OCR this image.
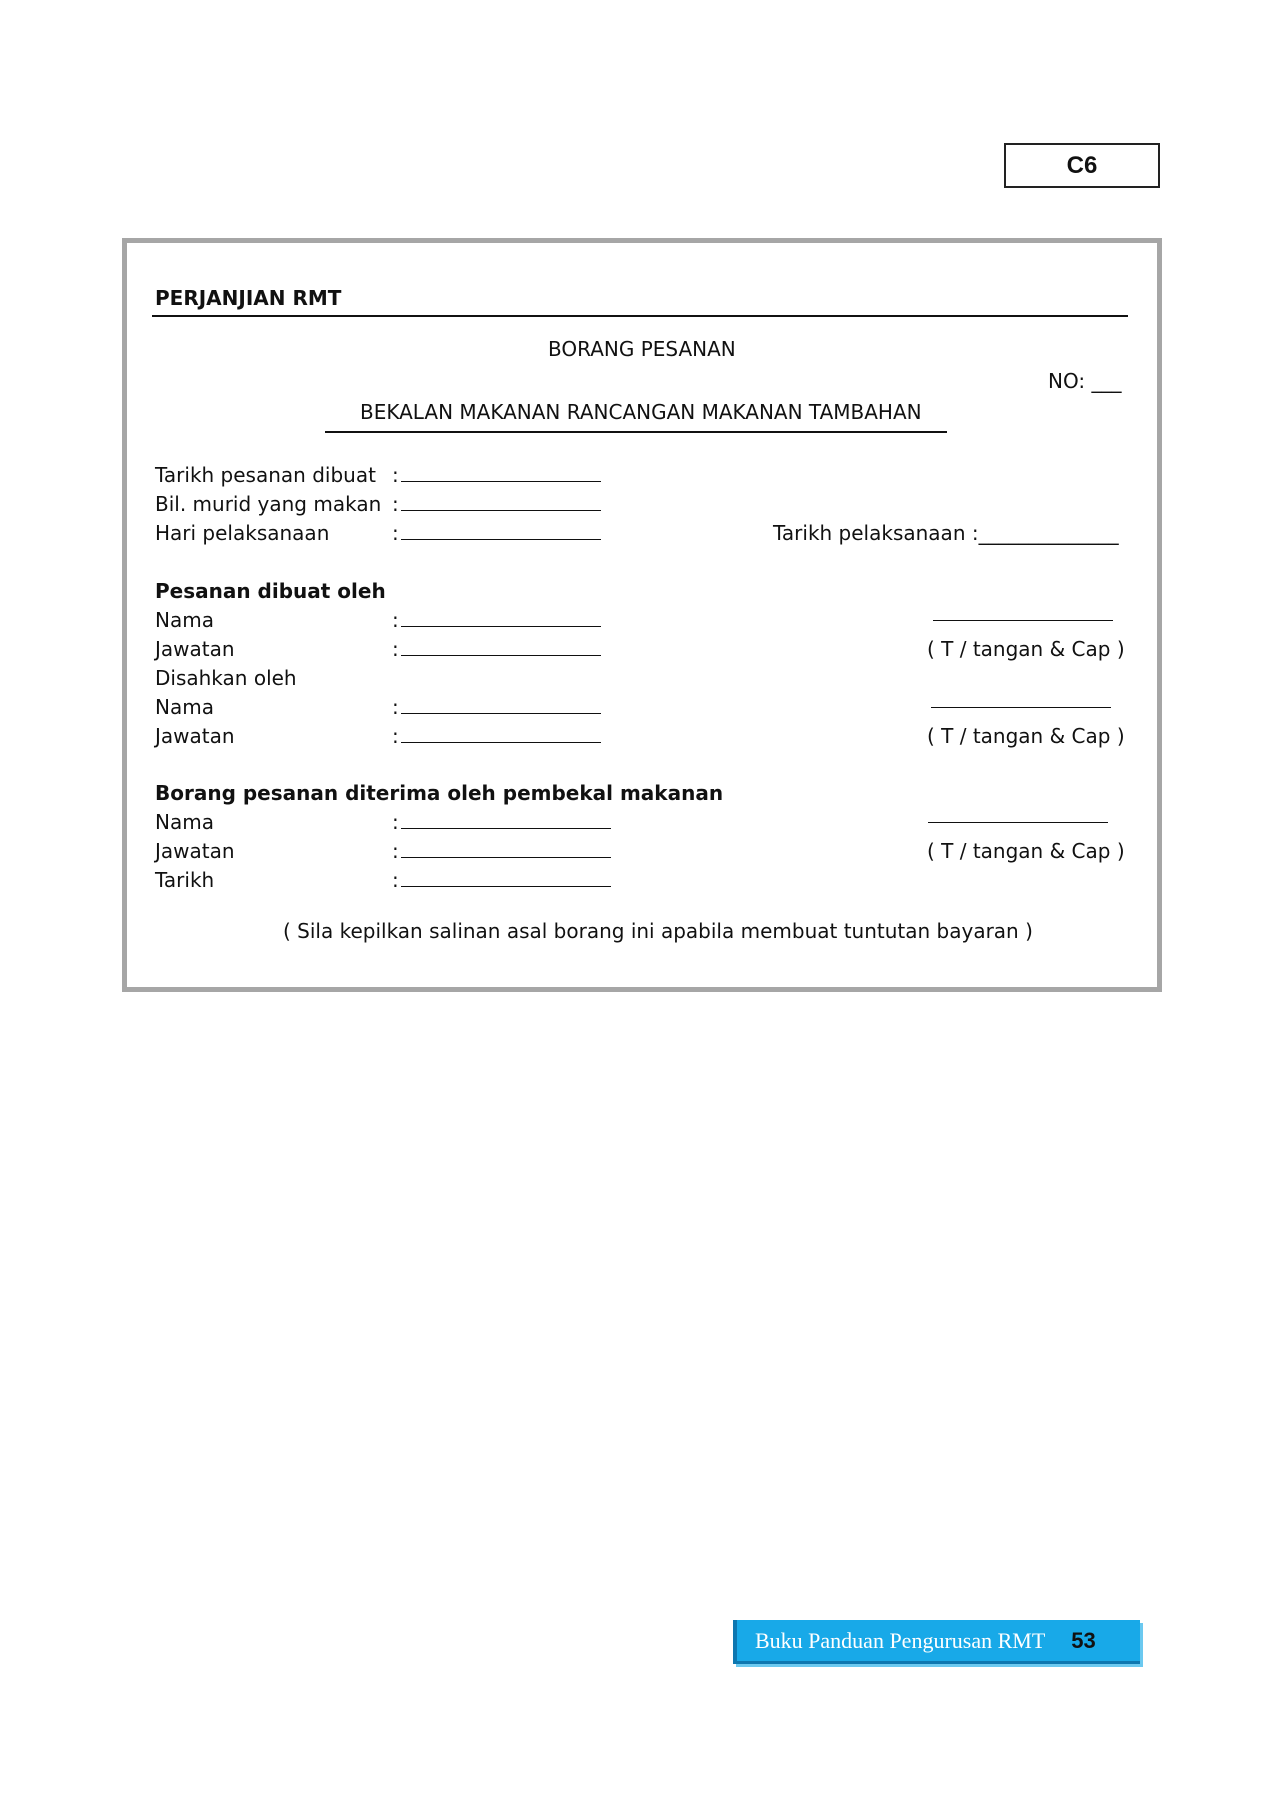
C6
PERJANJIAN RMT
BORANG PESANAN
NO: ___
BEKALAN MAKANAN RANCANGAN MAKANAN TAMBAHAN
Tarikh pesanan dibuat :
Bil. murid yang makan :
Hari pelaksanaan	:	Tarikh pelaksanaan :______________
Pesanan dibuat oleh
Nama	:
Jawatan	:	( T / tangan & Cap )
Disahkan oleh
Nama	:
Jawatan	:	( T / tangan & Cap )
Borang pesanan diterima oleh pembekal makanan
Nama	:
Jawatan	:	( T / tangan & Cap )
Tarikh	:
( Sila kepilkan salinan asal borang ini apabila membuat tuntutan bayaran )
Buku Panduan Pengurusan RMT 53
